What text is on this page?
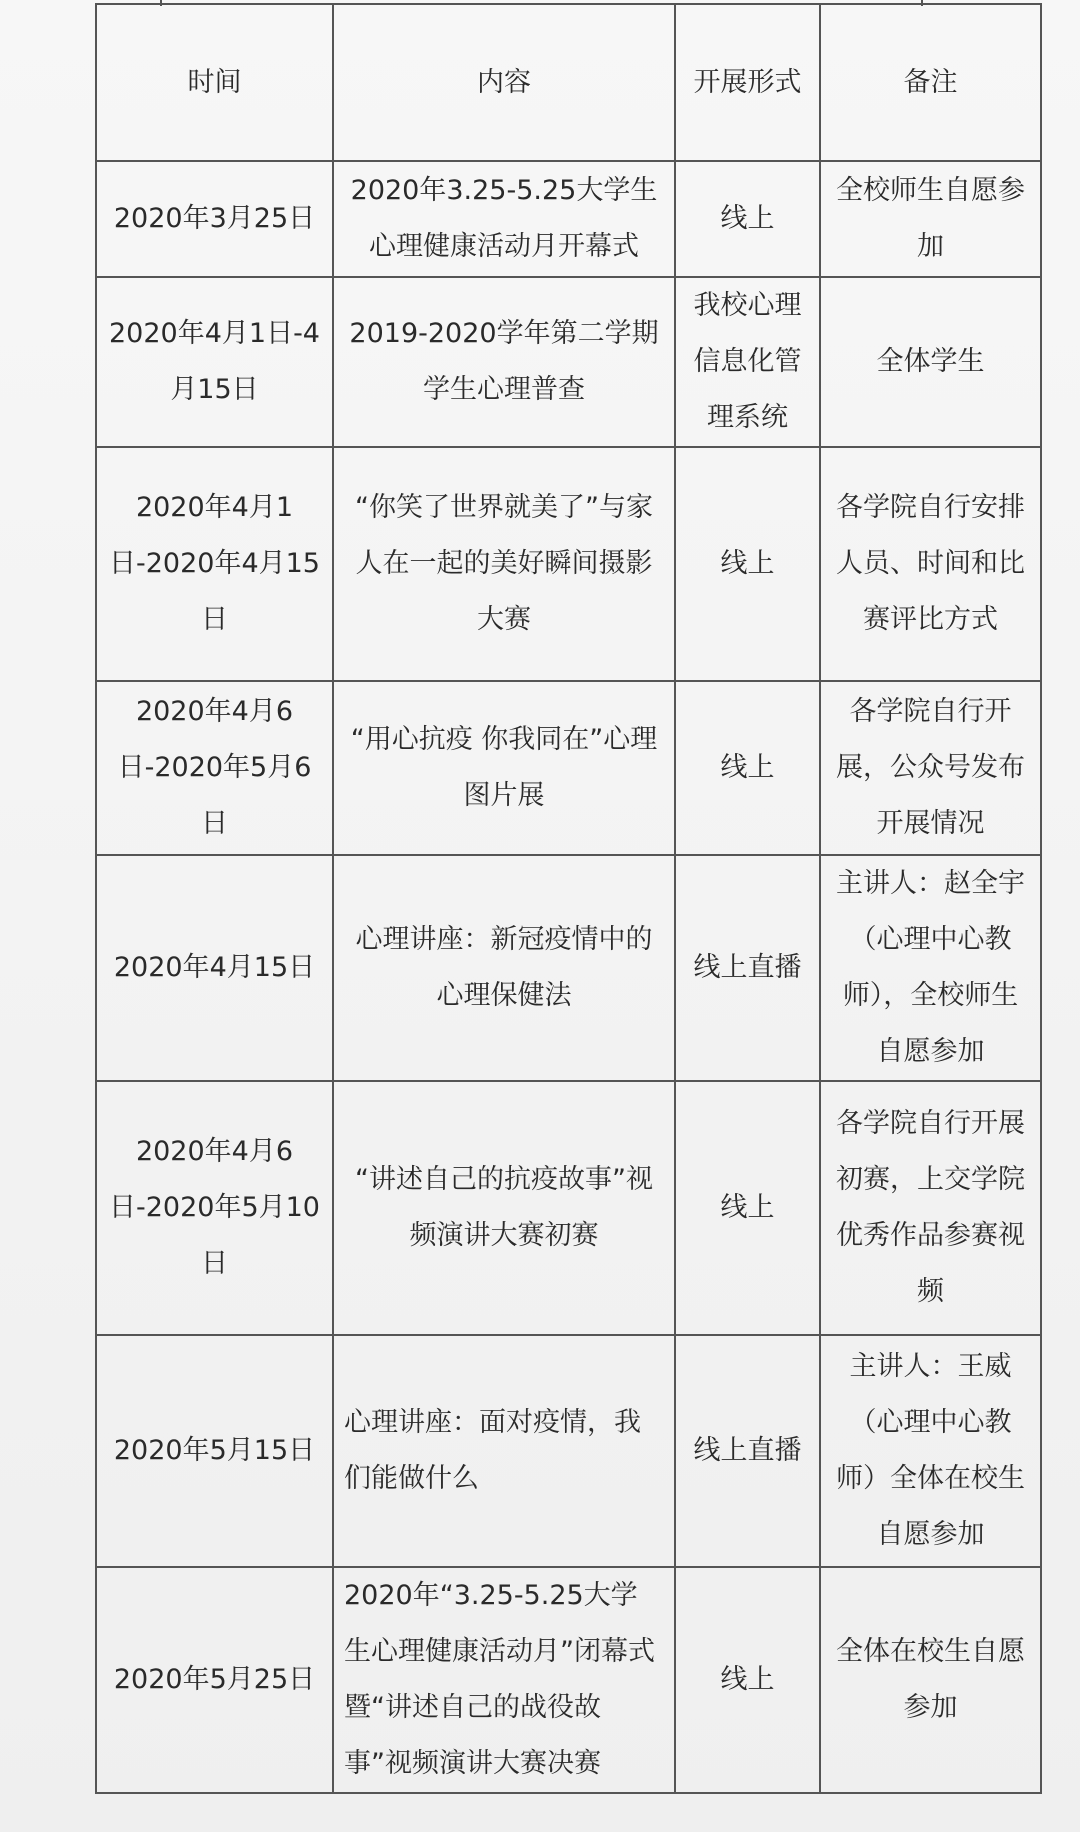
时间	内容	开展形式	备注
2020年3月25日	2020年3.25-5.25大学生心理健康活动月开幕式	线上	全校师生自愿参加
2020年4月1日-4月15日	2019-2020学年第二学期学生心理普查	我校心理信息化管理系统	全体学生
2020年4月1日-2020年4月15日	“你笑了世界就美了”与家人在一起的美好瞬间摄影大赛	线上	各学院自行安排人员、时间和比赛评比方式
2020年4月6日-2020年5月6日	“用心抗疫 你我同在”心理图片展	线上	各学院自行开展，公众号发布开展情况
2020年4月15日	心理讲座：新冠疫情中的心理保健法	线上直播	主讲人：赵全宇（心理中心教师），全校师生自愿参加
2020年4月6日-2020年5月10日	“讲述自己的抗疫故事”视频演讲大赛初赛	线上	各学院自行开展初赛，上交学院优秀作品参赛视频
2020年5月15日	心理讲座：面对疫情，我们能做什么	线上直播	主讲人：王威（心理中心教师）全体在校生自愿参加
2020年5月25日	2020年“3.25-5.25大学生心理健康活动月”闭幕式暨“讲述自己的战役故事”视频演讲大赛决赛	线上	全体在校生自愿参加
